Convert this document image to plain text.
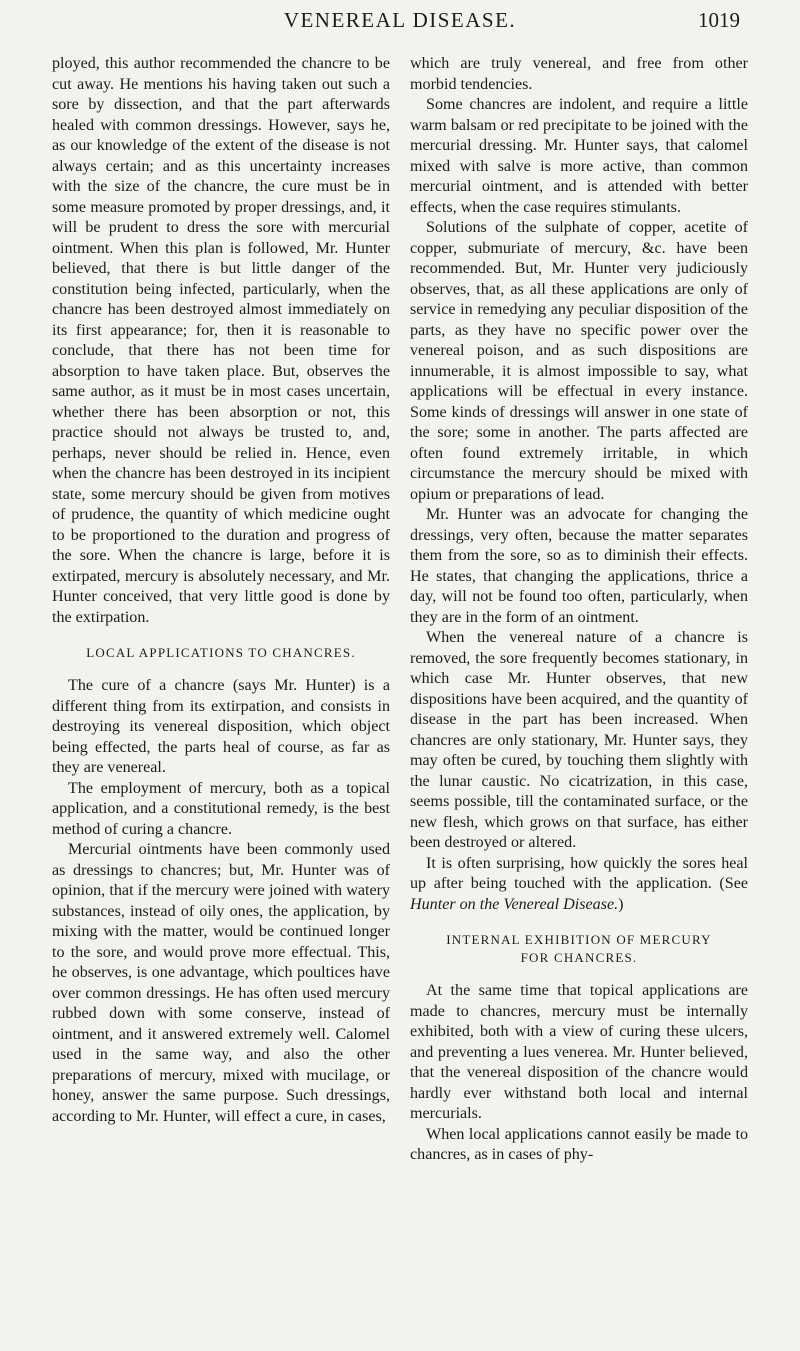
VENEREAL DISEASE.	1019

ployed, this author recommended the chancre to be cut away. He mentions his having taken out such a sore by dissection, and that the part afterwards healed with common dressings. However, says he, as our knowledge of the extent of the disease is not always certain; and as this uncertainty increases with the size of the chancre, the cure must be in some measure promoted by proper dressings, and, it will be prudent to dress the sore with mercurial ointment. When this plan is followed, Mr. Hunter believed, that there is but little danger of the constitution being infected, particularly, when the chancre has been destroyed almost immediately on its first appearance; for, then it is reasonable to conclude, that there has not been time for absorption to have taken place. But, observes the same author, as it must be in most cases uncertain, whether there has been absorption or not, this practice should not always be trusted to, and, perhaps, never should be relied in. Hence, even when the chancre has been destroyed in its incipient state, some mercury should be given from motives of prudence, the quantity of which medicine ought to be proportioned to the duration and progress of the sore. When the chancre is large, before it is extirpated, mercury is absolutely necessary, and Mr. Hunter conceived, that very little good is done by the extirpation.

LOCAL APPLICATIONS TO CHANCRES.

The cure of a chancre (says Mr. Hunter) is a different thing from its extirpation, and consists in destroying its venereal disposition, which object being effected, the parts heal of course, as far as they are venereal.

The employment of mercury, both as a topical application, and a constitutional remedy, is the best method of curing a chancre.

Mercurial ointments have been commonly used as dressings to chancres; but, Mr. Hunter was of opinion, that if the mercury were joined with watery substances, instead of oily ones, the application, by mixing with the matter, would be continued longer to the sore, and would prove more effectual. This, he observes, is one advantage, which poultices have over common dressings. He has often used mercury rubbed down with some conserve, instead of ointment, and it answered extremely well. Calomel used in the same way, and also the other preparations of mercury, mixed with mucilage, or honey, answer the same purpose. Such dressings, according to Mr. Hunter, will effect a cure, in cases,

which are truly venereal, and free from other morbid tendencies.

Some chancres are indolent, and require a little warm balsam or red precipitate to be joined with the mercurial dressing. Mr. Hunter says, that calomel mixed with salve is more active, than common mercurial ointment, and is attended with better effects, when the case requires stimulants.

Solutions of the sulphate of copper, acetite of copper, submuriate of mercury, &c. have been recommended. But, Mr. Hunter very judiciously observes, that, as all these applications are only of service in remedying any peculiar disposition of the parts, as they have no specific power over the venereal poison, and as such dispositions are innumerable, it is almost impossible to say, what applications will be effectual in every instance. Some kinds of dressings will answer in one state of the sore; some in another. The parts affected are often found extremely irritable, in which circumstance the mercury should be mixed with opium or preparations of lead.

Mr. Hunter was an advocate for changing the dressings, very often, because the matter separates them from the sore, so as to diminish their effects. He states, that changing the applications, thrice a day, will not be found too often, particularly, when they are in the form of an ointment.

When the venereal nature of a chancre is removed, the sore frequently becomes stationary, in which case Mr. Hunter observes, that new dispositions have been acquired, and the quantity of disease in the part has been increased. When chancres are only stationary, Mr. Hunter says, they may often be cured, by touching them slightly with the lunar caustic. No cicatrization, in this case, seems possible, till the contaminated surface, or the new flesh, which grows on that surface, has either been destroyed or altered.

It is often surprising, how quickly the sores heal up after being touched with the application. (See Hunter on the Venereal Disease.)

INTERNAL EXHIBITION OF MERCURY
FOR CHANCRES.

At the same time that topical applications are made to chancres, mercury must be internally exhibited, both with a view of curing these ulcers, and preventing a lues venerea. Mr. Hunter believed, that the venereal disposition of the chancre would hardly ever withstand both local and internal mercurials.

When local applications cannot easily be made to chancres, as in cases of phy-
